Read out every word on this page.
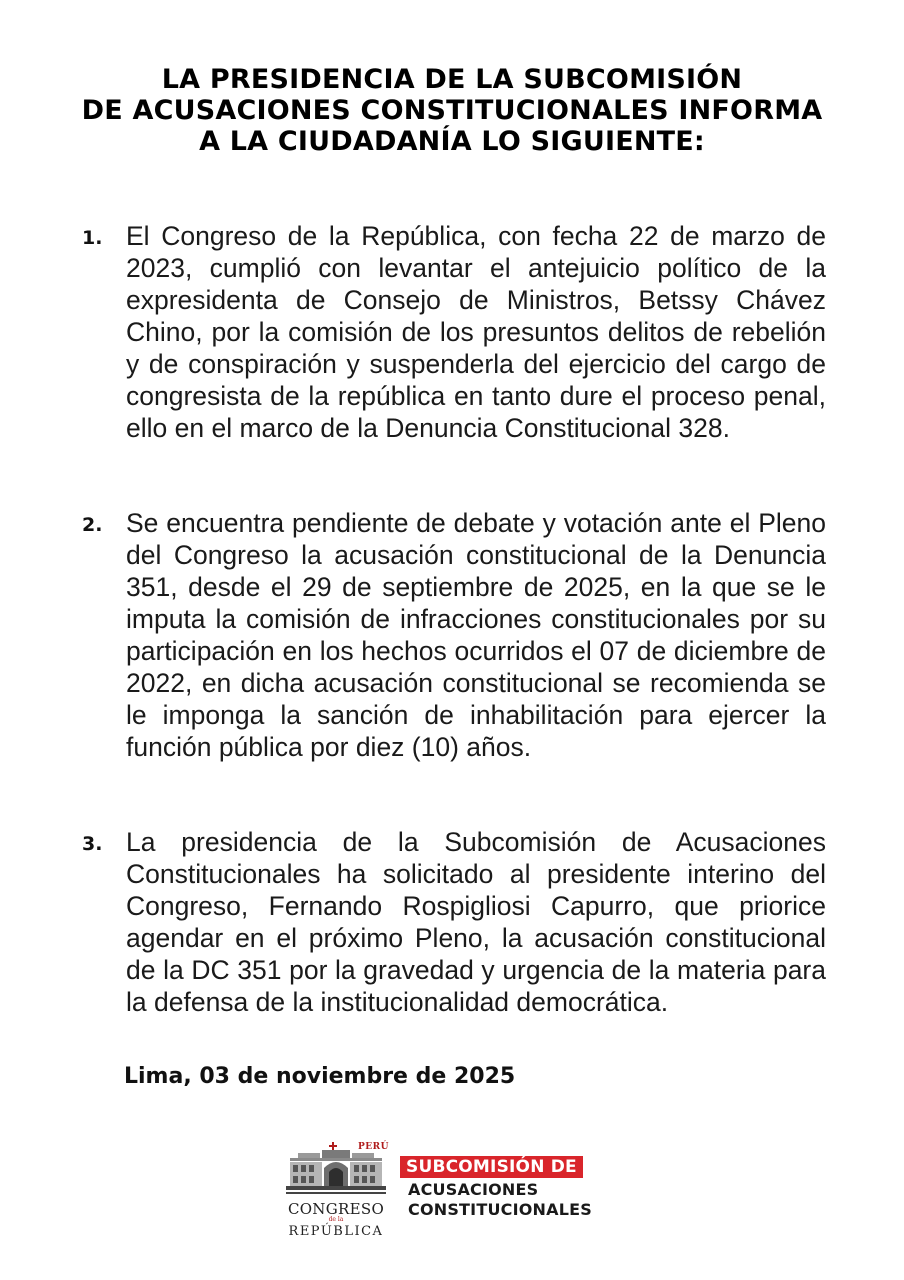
LA PRESIDENCIA DE LA SUBCOMISIÓN
DE ACUSACIONES CONSTITUCIONALES INFORMA
A LA CIUDADANÍA LO SIGUIENTE:
1. El Congreso de la República, con fecha 22 de marzo de 2023, cumplió con levantar el antejuicio político de la expresidenta de Consejo de Ministros, Betssy Chávez Chino, por la comisión de los presuntos delitos de rebelión y de conspiración y suspenderla del ejercicio del cargo de congresista de la república en tanto dure el proceso penal, ello en el marco de la Denuncia Constitucional 328.
2. Se encuentra pendiente de debate y votación ante el Pleno del Congreso la acusación constitucional de la Denuncia 351, desde el 29 de septiembre de 2025, en la que se le imputa la comisión de infracciones constitucionales por su participación en los hechos ocurridos el 07 de diciembre de 2022, en dicha acusación constitucional se recomienda se le imponga la sanción de inhabilitación para ejercer la función pública por diez (10) años.
3. La presidencia de la Subcomisión de Acusaciones Constitucionales ha solicitado al presidente interino del Congreso, Fernando Rospigliosi Capurro, que priorice agendar en el próximo Pleno, la acusación constitucional de la DC 351 por la gravedad y urgencia de la materia para la defensa de la institucionalidad democrática.
Lima, 03 de noviembre de 2025
PERÚ
CONGRESO
de la
REPÚBLICA
SUBCOMISIÓN DE
ACUSACIONES
CONSTITUCIONALES
